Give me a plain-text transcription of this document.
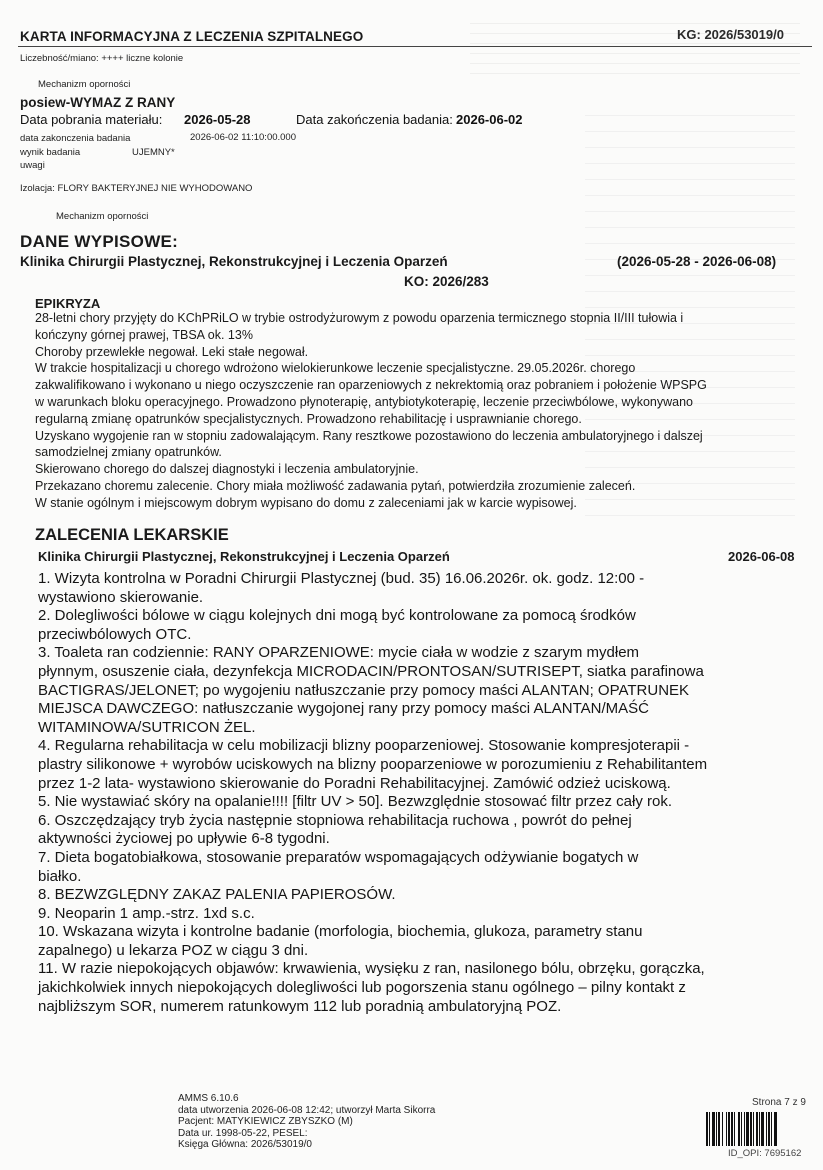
KARTA INFORMACYJNA Z LECZENIA SZPITALNEGO	KG: 2026/53019/0
Liczebność/miano: ++++ liczne kolonie
Mechanizm oporności
posiew-WYMAZ Z RANY
Data pobrania materiału: 2026-05-28	Data zakończenia badania: 2026-06-02
data zakonczenia badania	2026-06-02 11:10:00.000
wynik badania	UJEMNY*
uwagi
Izolacja: FLORY BAKTERYJNEJ NIE WYHODOWANO
Mechanizm oporności
DANE WYPISOWE:
Klinika Chirurgii Plastycznej, Rekonstrukcyjnej i Leczenia Oparzeń	(2026-05-28 - 2026-06-08)
KO: 2026/283
EPIKRYZA
28-letni chory przyjęty do KChPRiLO w trybie ostrodyżurowym z powodu oparzenia termicznego stopnia II/III tułowia i
kończyny górnej prawej, TBSA ok. 13%
Choroby przewlekłe negował. Leki stałe negował.
W trakcie hospitalizacji u chorego wdrożono wielokierunkowe leczenie specjalistyczne. 29.05.2026r. chorego
zakwalifikowano i wykonano u niego oczyszczenie ran oparzeniowych z nekrektomią oraz pobraniem i położenie WPSPG
w warunkach bloku operacyjnego. Prowadzono płynoterapię, antybiotykoterapię, leczenie przeciwbólowe, wykonywano
regularną zmianę opatrunków specjalistycznych. Prowadzono rehabilitację i usprawnianie chorego.
Uzyskano wygojenie ran w stopniu zadowalającym. Rany resztkowe pozostawiono do leczenia ambulatoryjnego i dalszej
samodzielnej zmiany opatrunków.
Skierowano chorego do dalszej diagnostyki i leczenia ambulatoryjnie.
Przekazano choremu zalecenie. Chory miała możliwość zadawania pytań, potwierdziła zrozumienie zaleceń.
W stanie ogólnym i miejscowym dobrym wypisano do domu z zaleceniami jak w karcie wypisowej.
ZALECENIA LEKARSKIE
Klinika Chirurgii Plastycznej, Rekonstrukcyjnej i Leczenia Oparzeń	2026-06-08
1. Wizyta kontrolna w Poradni Chirurgii Plastycznej (bud. 35) 16.06.2026r. ok. godz. 12:00 -
wystawiono skierowanie.
2. Dolegliwości bólowe w ciągu kolejnych dni mogą być kontrolowane za pomocą środków
przeciwbólowych OTC.
3. Toaleta ran codziennie: RANY OPARZENIOWE: mycie ciała w wodzie z szarym mydłem
płynnym, osuszenie ciała, dezynfekcja MICRODACIN/PRONTOSAN/SUTRISEPT, siatka parafinowa
BACTIGRAS/JELONET; po wygojeniu natłuszczanie przy pomocy maści ALANTAN; OPATRUNEK
MIEJSCA DAWCZEGO: natłuszczanie wygojonej rany przy pomocy maści ALANTAN/MAŚĆ
WITAMINOWA/SUTRICON ŻEL.
4. Regularna rehabilitacja w celu mobilizacji blizny pooparzeniowej. Stosowanie kompresjoterapii -
plastry silikonowe + wyrobów uciskowych na blizny pooparzeniowe w porozumieniu z Rehabilitantem
przez 1-2 lata- wystawiono skierowanie do Poradni Rehabilitacyjnej. Zamówić odzież uciskową.
5. Nie wystawiać skóry na opalanie!!!! [filtr UV > 50]. Bezwzględnie stosować filtr przez cały rok.
6. Oszczędzający tryb życia następnie stopniowa rehabilitacja ruchowa , powrót do pełnej
aktywności życiowej po upływie 6-8 tygodni.
7. Dieta bogatobiałkowa, stosowanie preparatów wspomagających odżywianie bogatych w
białko.
8. BEZWZGLĘDNY ZAKAZ PALENIA PAPIEROSÓW.
9. Neoparin 1 amp.-strz. 1xd s.c.
10. Wskazana wizyta i kontrolne badanie (morfologia, biochemia, glukoza, parametry stanu
zapalnego) u lekarza POZ w ciągu 3 dni.
11. W razie niepokojących objawów: krwawienia, wysięku z ran, nasilonego bólu, obrzęku, gorączka,
jakichkolwiek innych niepokojących dolegliwości lub pogorszenia stanu ogólnego – pilny kontakt z
najbliższym SOR, numerem ratunkowym 112 lub poradnią ambulatoryjną POZ.
AMMS 6.10.6
data utworzenia 2026-06-08 12:42; utworzył Marta Sikorra
Pacjent: MATYKIEWICZ ZBYSZKO (M)
Data ur. 1998-05-22, PESEL:
Księga Główna: 2026/53019/0
Strona 7 z 9
ID_OPI: 7695162
